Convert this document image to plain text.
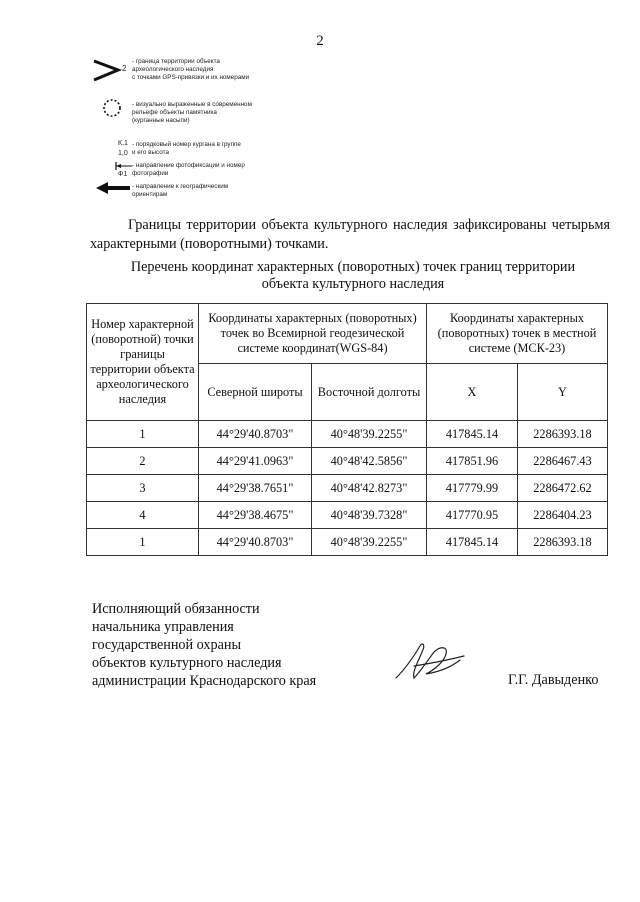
2
2
- граница территории объекта
археологического наследия
с точками GPS-привязки и их номерами
- визуально выраженные в современном
рельефе объекты памятника
(курганные насыпи)
К.1
1,0
- порядковый номер кургана в группе
и его высота
Ф1
- направление фотофиксации и номер
фотографии
- направление к географическим
ориентирам
Границы территории объекта культурного наследия зафиксированы четырьмя характерными (поворотными) точками.
Перечень координат характерных (поворотных) точек границ территории объекта культурного наследия
Номер характерной (поворотной) точки границы территории объекта археологического наследия	Координаты характерных (поворотных) точек во Всемирной геодезической системе координат(WGS-84)		Координаты характерных (поворотных) точек в местной системе (МСК-23)	
	Северной широты	Восточной долготы	X	Y
1	44°29'40.8703"	40°48'39.2255"	417845.14	2286393.18
2	44°29'41.0963"	40°48'42.5856"	417851.96	2286467.43
3	44°29'38.7651"	40°48'42.8273"	417779.99	2286472.62
4	44°29'38.4675"	40°48'39.7328"	417770.95	2286404.23
1	44°29'40.8703"	40°48'39.2255"	417845.14	2286393.18
Исполняющий обязанности
начальника управления
государственной охраны
объектов культурного наследия
администрации Краснодарского края	Г.Г. Давыденко
